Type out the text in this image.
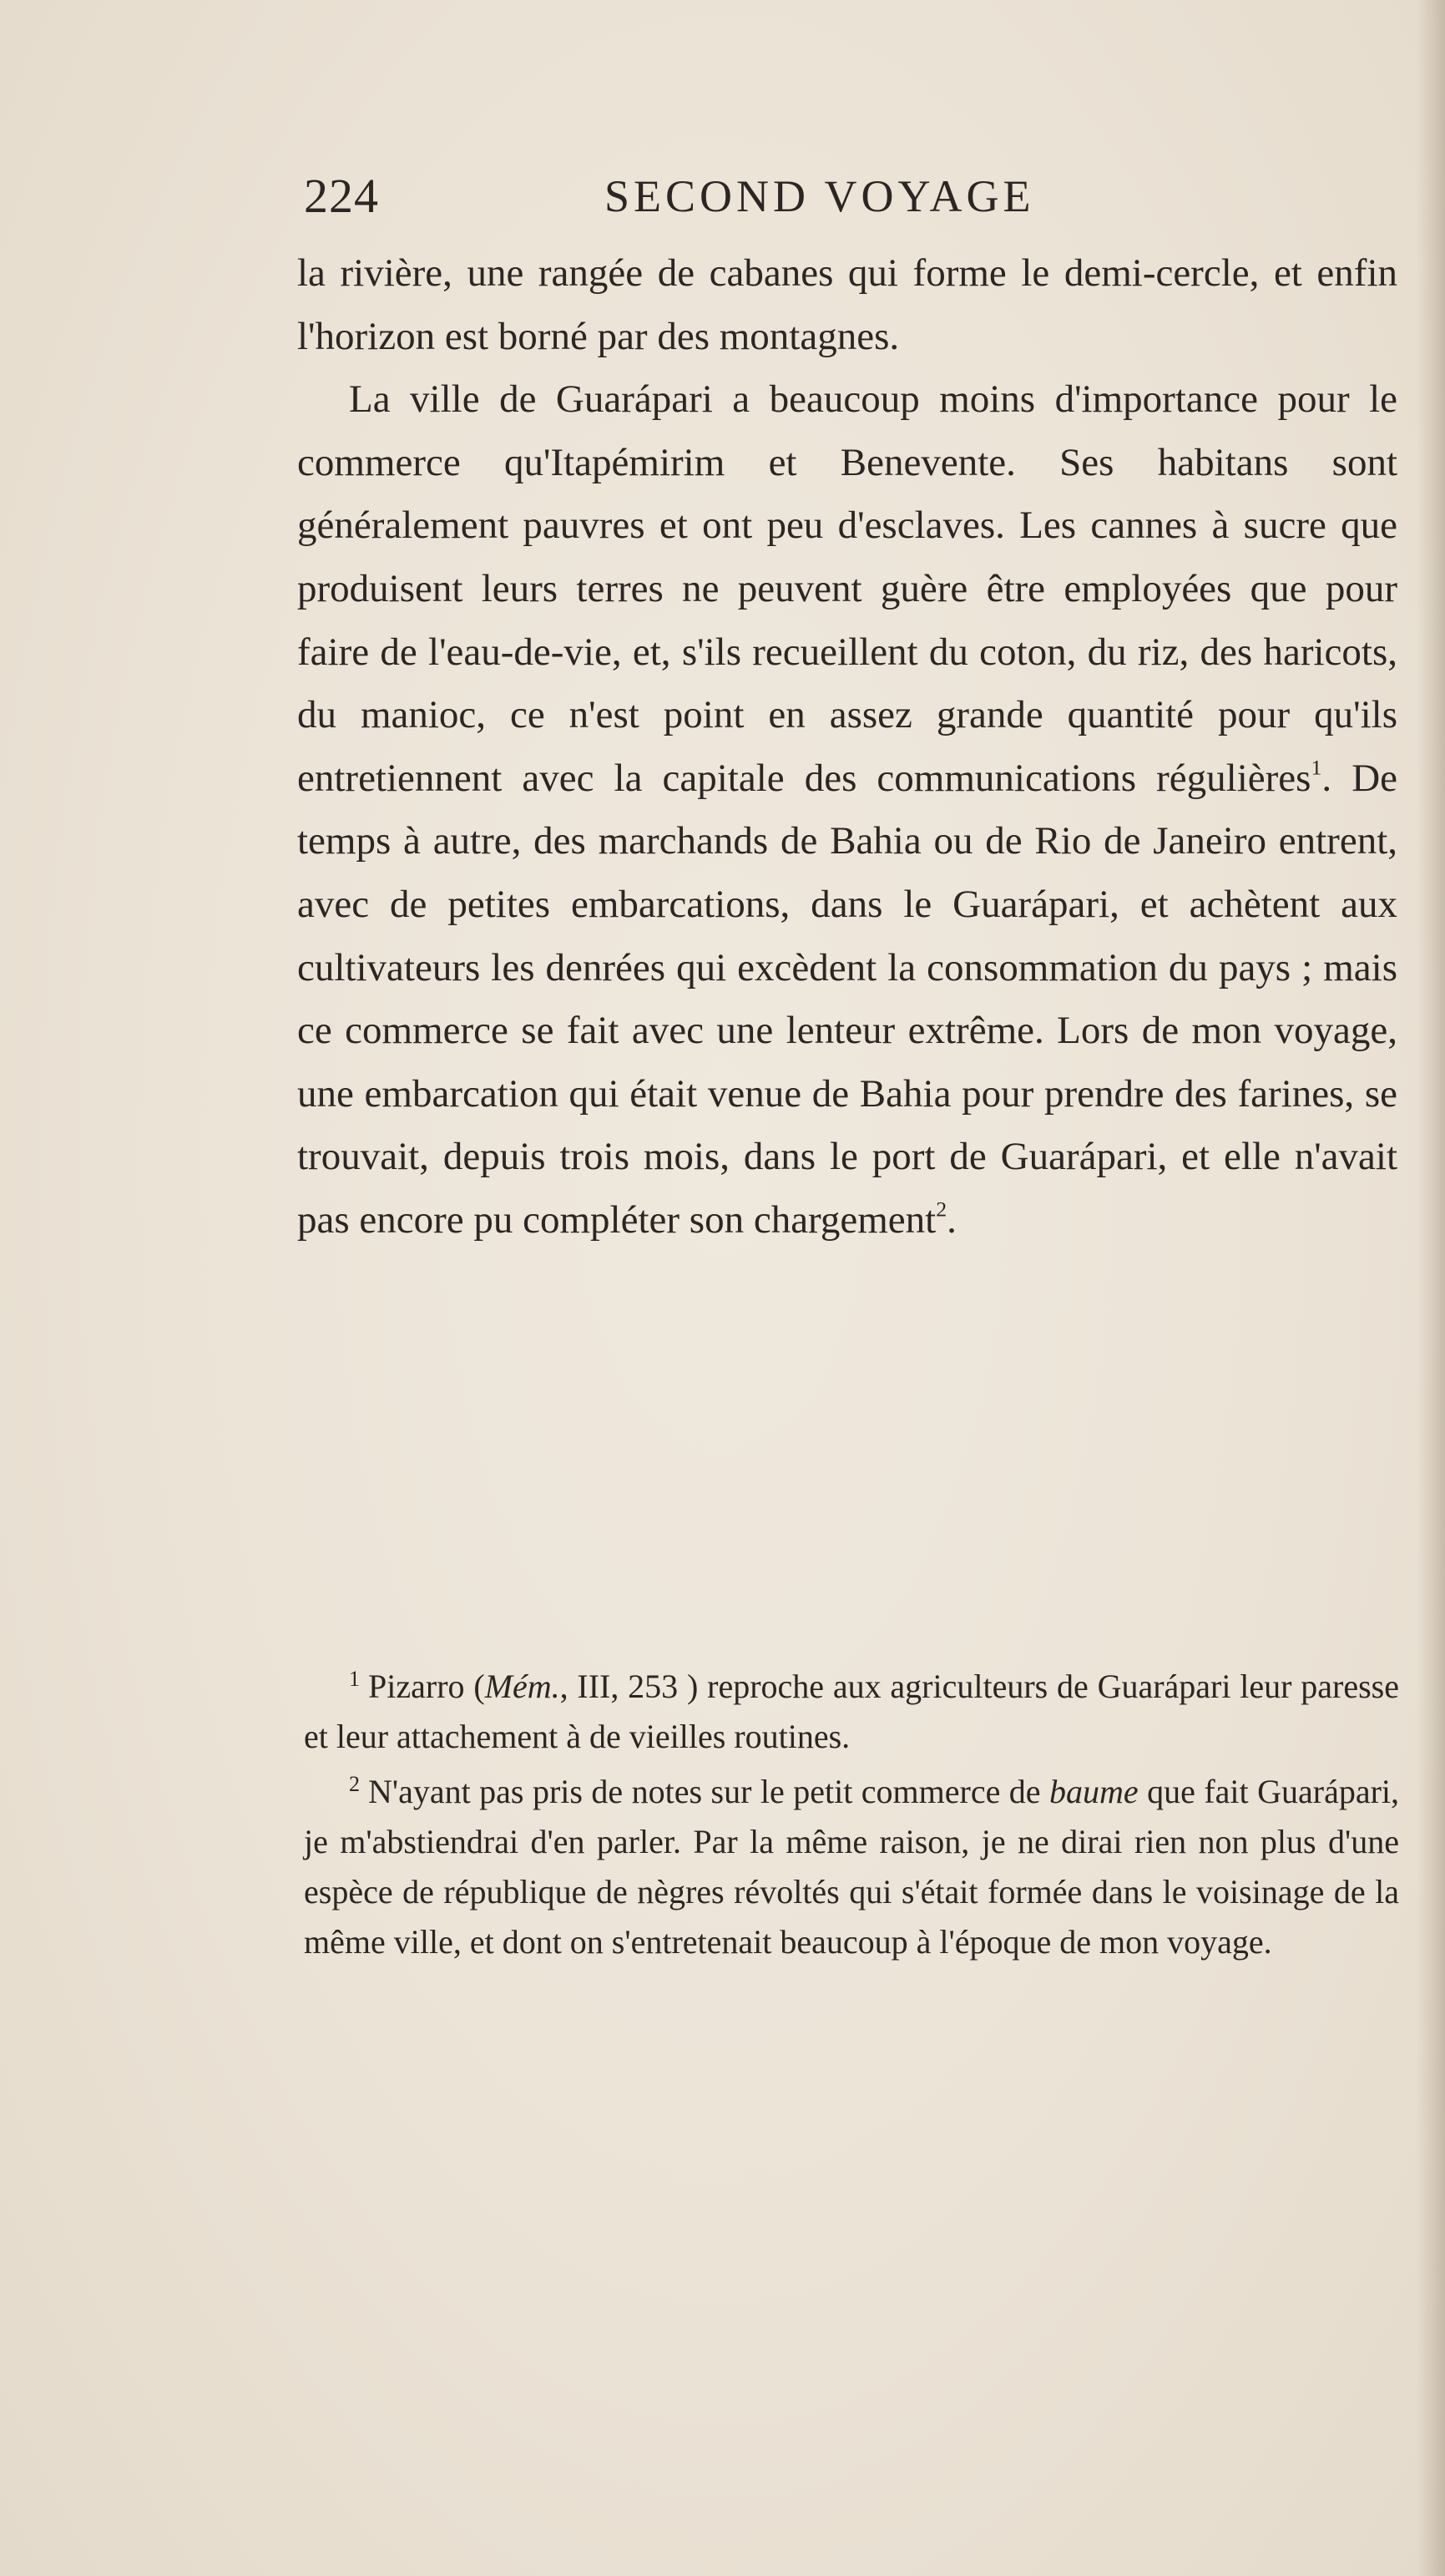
224	SECOND VOYAGE

la rivière, une rangée de cabanes qui forme le demi-cercle, et enfin l'horizon est borné par des montagnes.

La ville de Guarápari a beaucoup moins d'importance pour le commerce qu'Itapémirim et Benevente. Ses habitans sont généralement pauvres et ont peu d'esclaves. Les cannes à sucre que produisent leurs terres ne peuvent guère être employées que pour faire de l'eau-de-vie, et, s'ils recueillent du coton, du riz, des haricots, du manioc, ce n'est point en assez grande quantité pour qu'ils entretiennent avec la capitale des communications régulières$^1$. De temps à autre, des marchands de Bahia ou de Rio de Janeiro entrent, avec de petites embarcations, dans le Guarápari, et achètent aux cultivateurs les denrées qui excèdent la consommation du pays ; mais ce commerce se fait avec une lenteur extrême. Lors de mon voyage, une embarcation qui était venue de Bahia pour prendre des farines, se trouvait, depuis trois mois, dans le port de Guarápari, et elle n'avait pas encore pu compléter son chargement$^2$.

$^1$ Pizarro (Mém., III, 253 ) reproche aux agriculteurs de Guarápari leur paresse et leur attachement à de vieilles routines.

$^2$ N'ayant pas pris de notes sur le petit commerce de baume que fait Guarápari, je m'abstiendrai d'en parler. Par la même raison, je ne dirai rien non plus d'une espèce de république de nègres révoltés qui s'était formée dans le voisinage de la même ville, et dont on s'entretenait beaucoup à l'époque de mon voyage.
